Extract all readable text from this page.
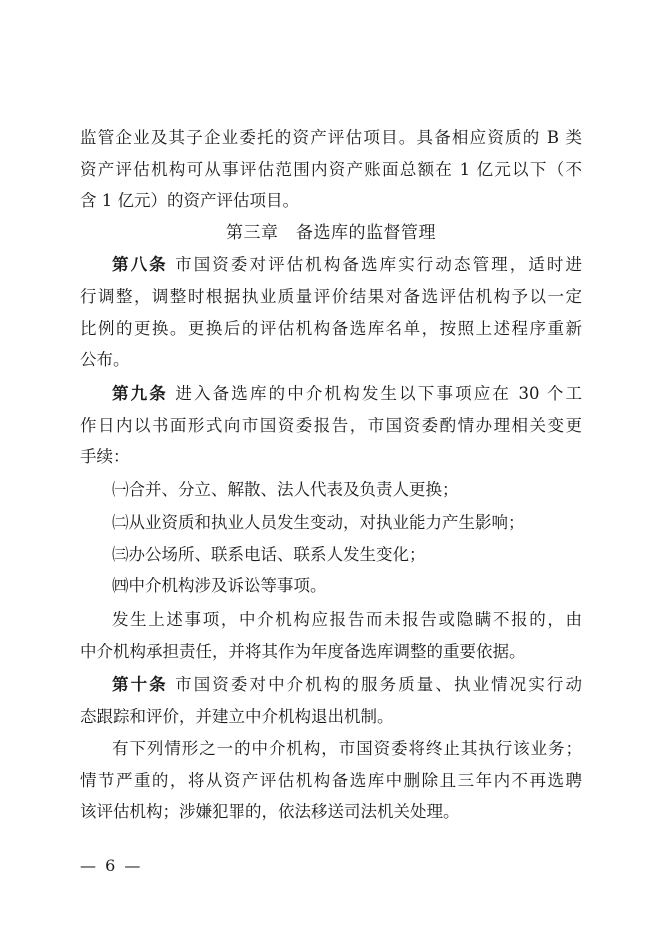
监管企业及其子企业委托的资产评估项目。具备相应资质的 B 类
资产评估机构可从事评估范围内资产账面总额在 1 亿元以下（不
含 1 亿元）的资产评估项目。
第三章　备选库的监督管理
第八条 市国资委对评估机构备选库实行动态管理，适时进
行调整，调整时根据执业质量评价结果对备选评估机构予以一定
比例的更换。更换后的评估机构备选库名单，按照上述程序重新
公布。
第九条 进入备选库的中介机构发生以下事项应在 30 个工
作日内以书面形式向市国资委报告，市国资委酌情办理相关变更
手续：
㈠合并、分立、解散、法人代表及负责人更换；
㈡从业资质和执业人员发生变动，对执业能力产生影响；
㈢办公场所、联系电话、联系人发生变化；
㈣中介机构涉及诉讼等事项。
发生上述事项，中介机构应报告而未报告或隐瞒不报的，由
中介机构承担责任，并将其作为年度备选库调整的重要依据。
第十条 市国资委对中介机构的服务质量、执业情况实行动
态跟踪和评价，并建立中介机构退出机制。
有下列情形之一的中介机构，市国资委将终止其执行该业务；
情节严重的，将从资产评估机构备选库中删除且三年内不再选聘
该评估机构；涉嫌犯罪的，依法移送司法机关处理。
— 6 —
